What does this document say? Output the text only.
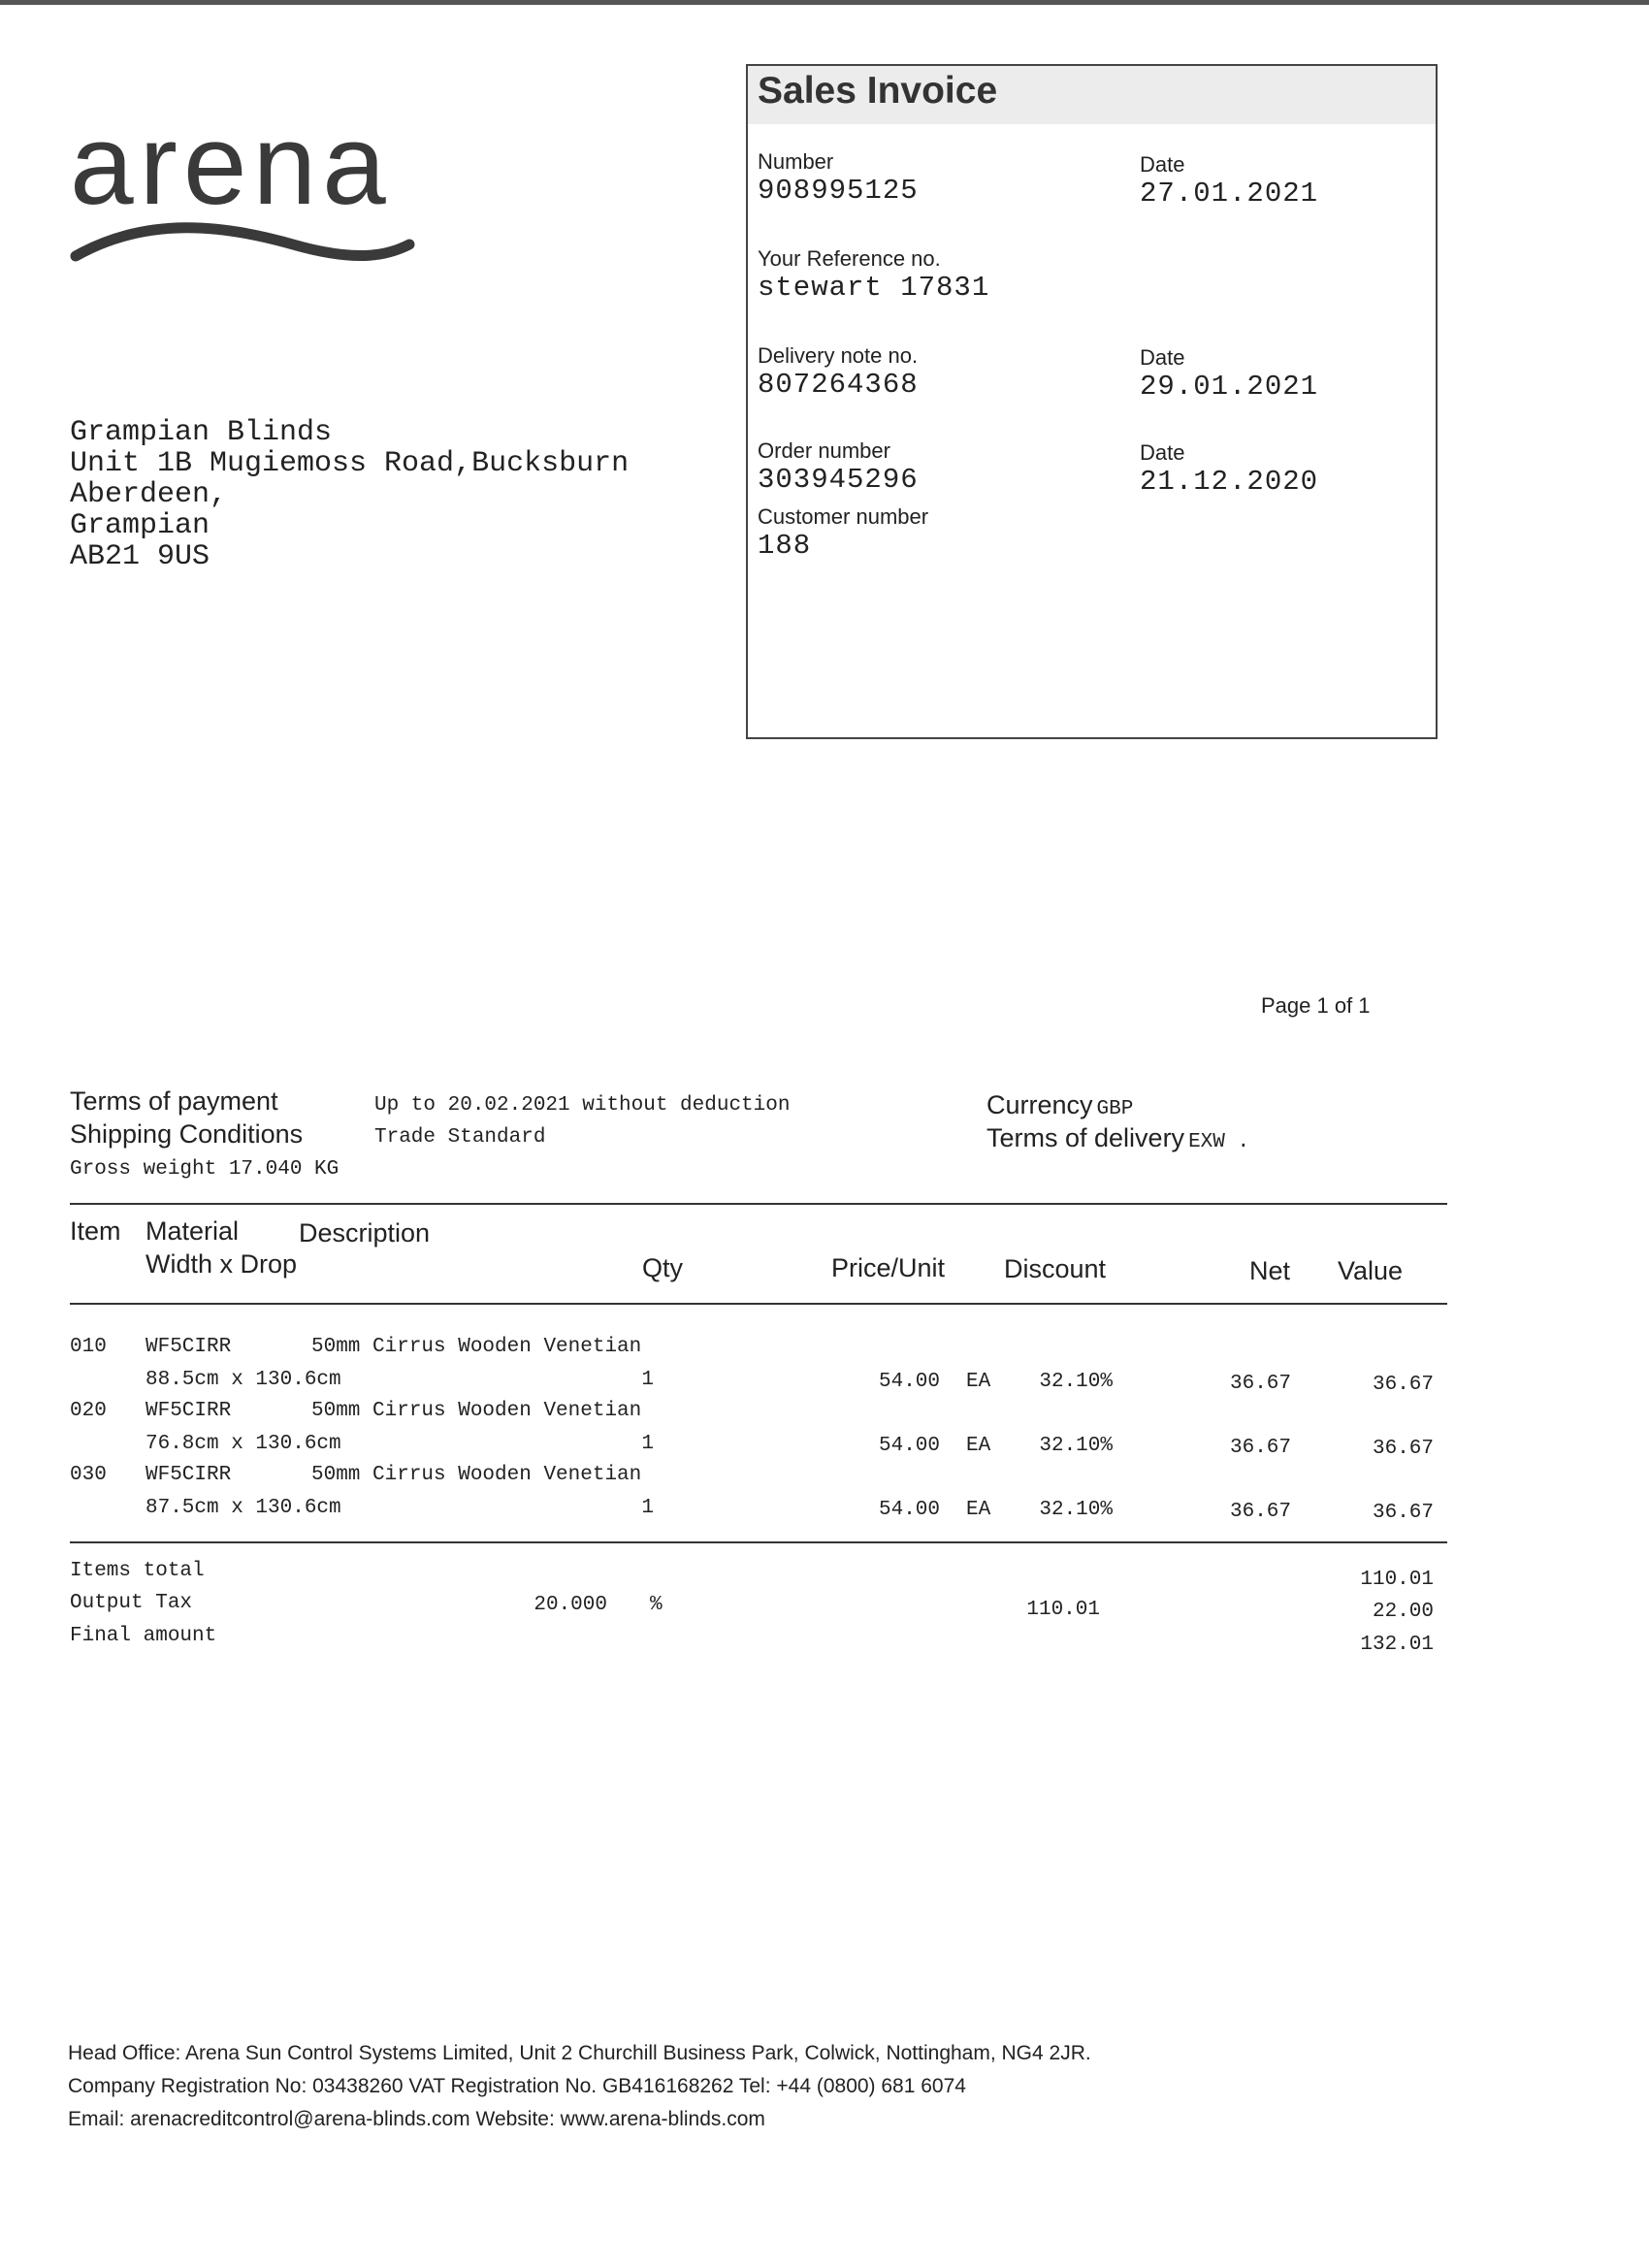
arena
Sales Invoice
Number
908995125
Date
27.01.2021
Your Reference no.
stewart 17831
Delivery note no.
807264368
Date
29.01.2021
Order number
303945296
Date
21.12.2020
Customer number
188
Grampian Blinds
Unit 1B Mugiemoss Road,Bucksburn
Aberdeen,
Grampian
AB21 9US
Page 1 of 1
Terms of payment	Up to 20.02.2021 without deduction
Shipping Conditions	Trade Standard
Gross weight 17.040 KG
Currency GBP
Terms of delivery EXW .
Item Material Description
Width x Drop	Qty	Price/Unit Discount	Net Value
010 WF5CIRR	50mm Cirrus Wooden Venetian
88.5cm x 130.6cm	1	54.00 EA 32.10%	36.67	36.67
020 WF5CIRR	50mm Cirrus Wooden Venetian
76.8cm x 130.6cm	1	54.00 EA 32.10%	36.67	36.67
030 WF5CIRR	50mm Cirrus Wooden Venetian
87.5cm x 130.6cm	1	54.00 EA 32.10%	36.67	36.67
Items total	110.01
Output Tax	20.000 %	110.01	22.00
Final amount	132.01
Head Office: Arena Sun Control Systems Limited, Unit 2 Churchill Business Park, Colwick, Nottingham, NG4 2JR.
Company Registration No: 03438260 VAT Registration No. GB416168262 Tel: +44 (0800) 681 6074
Email: arenacreditcontrol@arena-blinds.com Website: www.arena-blinds.com
